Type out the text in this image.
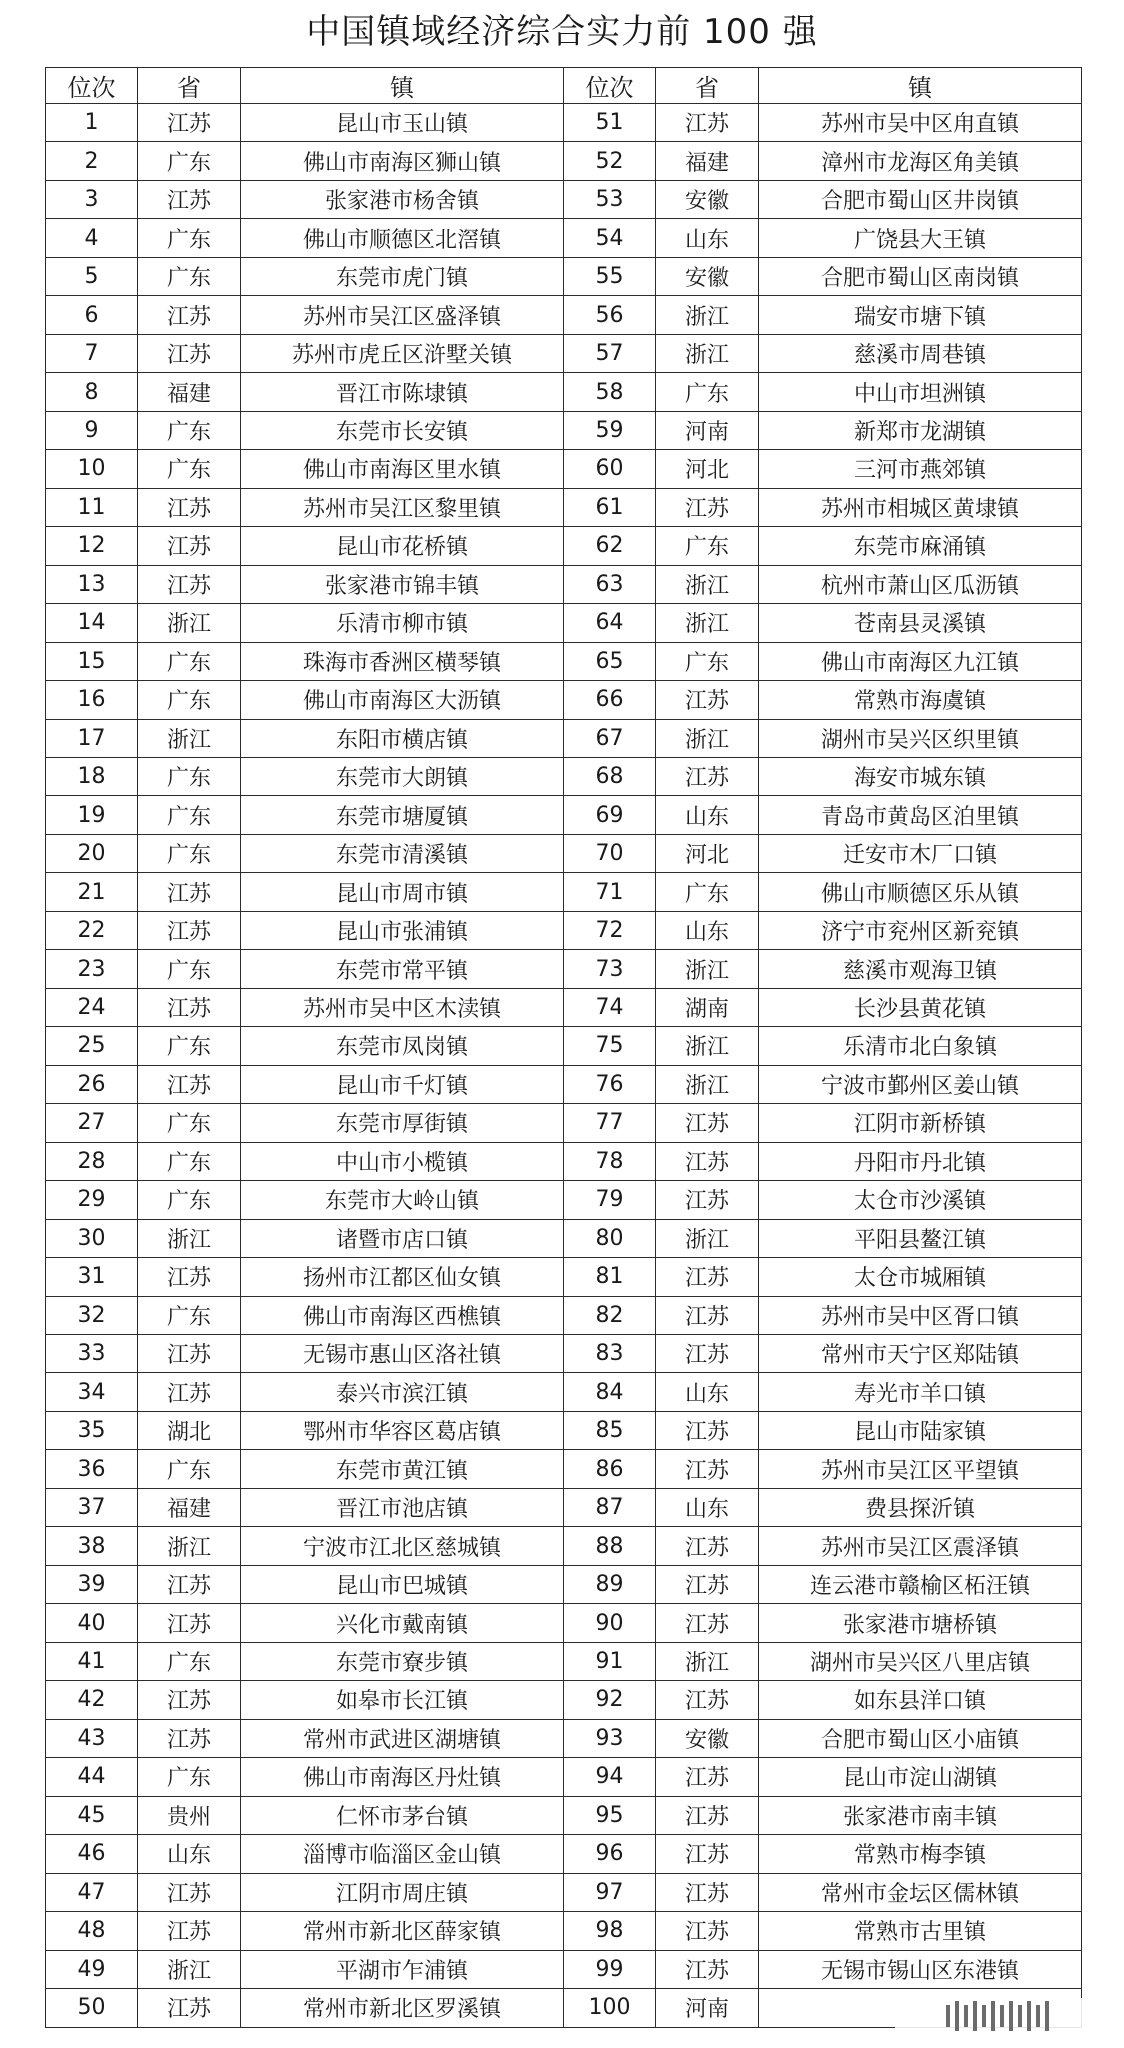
中国镇域经济综合实力前 100 强
位次	省	镇	位次	省	镇
1	江苏	昆山市玉山镇	51	江苏	苏州市吴中区甪直镇
2	广东	佛山市南海区狮山镇	52	福建	漳州市龙海区角美镇
3	江苏	张家港市杨舍镇	53	安徽	合肥市蜀山区井岗镇
4	广东	佛山市顺德区北滘镇	54	山东	广饶县大王镇
5	广东	东莞市虎门镇	55	安徽	合肥市蜀山区南岗镇
6	江苏	苏州市吴江区盛泽镇	56	浙江	瑞安市塘下镇
7	江苏	苏州市虎丘区浒墅关镇	57	浙江	慈溪市周巷镇
8	福建	晋江市陈埭镇	58	广东	中山市坦洲镇
9	广东	东莞市长安镇	59	河南	新郑市龙湖镇
10	广东	佛山市南海区里水镇	60	河北	三河市燕郊镇
11	江苏	苏州市吴江区黎里镇	61	江苏	苏州市相城区黄埭镇
12	江苏	昆山市花桥镇	62	广东	东莞市麻涌镇
13	江苏	张家港市锦丰镇	63	浙江	杭州市萧山区瓜沥镇
14	浙江	乐清市柳市镇	64	浙江	苍南县灵溪镇
15	广东	珠海市香洲区横琴镇	65	广东	佛山市南海区九江镇
16	广东	佛山市南海区大沥镇	66	江苏	常熟市海虞镇
17	浙江	东阳市横店镇	67	浙江	湖州市吴兴区织里镇
18	广东	东莞市大朗镇	68	江苏	海安市城东镇
19	广东	东莞市塘厦镇	69	山东	青岛市黄岛区泊里镇
20	广东	东莞市清溪镇	70	河北	迁安市木厂口镇
21	江苏	昆山市周市镇	71	广东	佛山市顺德区乐从镇
22	江苏	昆山市张浦镇	72	山东	济宁市兖州区新兖镇
23	广东	东莞市常平镇	73	浙江	慈溪市观海卫镇
24	江苏	苏州市吴中区木渎镇	74	湖南	长沙县黄花镇
25	广东	东莞市凤岗镇	75	浙江	乐清市北白象镇
26	江苏	昆山市千灯镇	76	浙江	宁波市鄞州区姜山镇
27	广东	东莞市厚街镇	77	江苏	江阴市新桥镇
28	广东	中山市小榄镇	78	江苏	丹阳市丹北镇
29	广东	东莞市大岭山镇	79	江苏	太仓市沙溪镇
30	浙江	诸暨市店口镇	80	浙江	平阳县鳌江镇
31	江苏	扬州市江都区仙女镇	81	江苏	太仓市城厢镇
32	广东	佛山市南海区西樵镇	82	江苏	苏州市吴中区胥口镇
33	江苏	无锡市惠山区洛社镇	83	江苏	常州市天宁区郑陆镇
34	江苏	泰兴市滨江镇	84	山东	寿光市羊口镇
35	湖北	鄂州市华容区葛店镇	85	江苏	昆山市陆家镇
36	广东	东莞市黄江镇	86	江苏	苏州市吴江区平望镇
37	福建	晋江市池店镇	87	山东	费县探沂镇
38	浙江	宁波市江北区慈城镇	88	江苏	苏州市吴江区震泽镇
39	江苏	昆山市巴城镇	89	江苏	连云港市赣榆区柘汪镇
40	江苏	兴化市戴南镇	90	江苏	张家港市塘桥镇
41	广东	东莞市寮步镇	91	浙江	湖州市吴兴区八里店镇
42	江苏	如皋市长江镇	92	江苏	如东县洋口镇
43	江苏	常州市武进区湖塘镇	93	安徽	合肥市蜀山区小庙镇
44	广东	佛山市南海区丹灶镇	94	江苏	昆山市淀山湖镇
45	贵州	仁怀市茅台镇	95	江苏	张家港市南丰镇
46	山东	淄博市临淄区金山镇	96	江苏	常熟市梅李镇
47	江苏	江阴市周庄镇	97	江苏	常州市金坛区儒林镇
48	江苏	常州市新北区薛家镇	98	江苏	常熟市古里镇
49	浙江	平湖市乍浦镇	99	江苏	无锡市锡山区东港镇
50	江苏	常州市新北区罗溪镇	100	河南	
